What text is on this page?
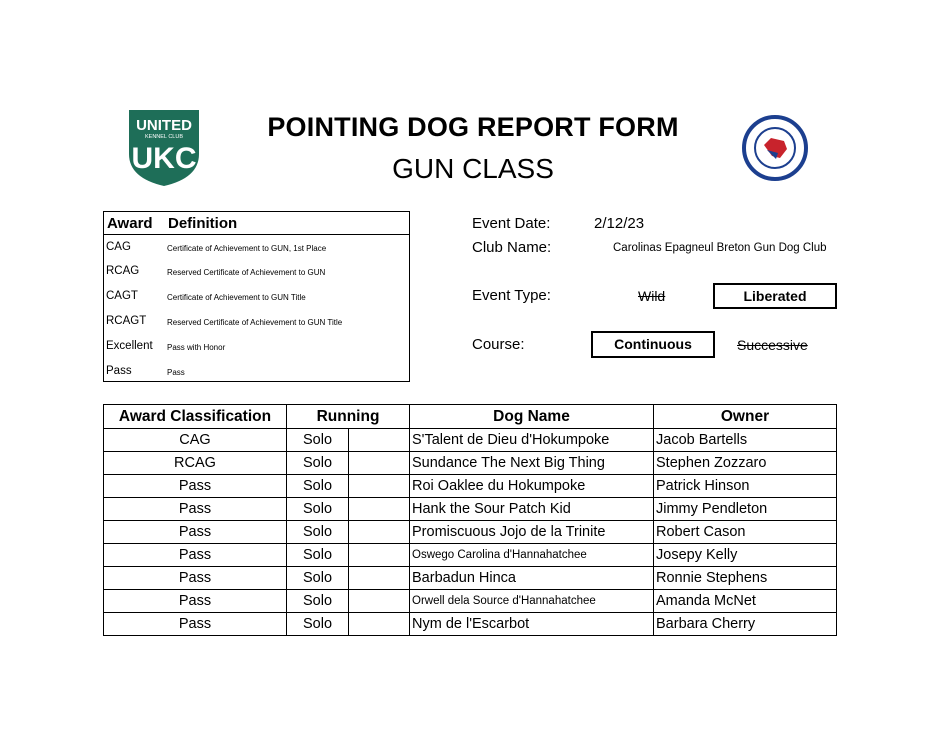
UNITED
KENNEL CLUB
UKC
POINTING DOG REPORT FORM
GUN CLASS
Award Definition
CAG	Certificate of Achievement to GUN, 1st Place
RCAG	Reserved Certificate of Achievement to GUN
CAGT	Certificate of Achievement to GUN Title
RCAGT	Reserved Certificate of Achievement to GUN Title
Excellent Pass with Honor
Pass	Pass
Event Date:	2/12/23
Club Name:	Carolinas Epagneul Breton Gun Dog Club
Event Type:	Wild	Liberated
Course:	Continuous	Successive
Award Classification	Running		Dog Name	Owner
CAG	Solo		S'Talent de Dieu d'Hokumpoke	Jacob Bartells
RCAG	Solo		Sundance The Next Big Thing	Stephen Zozzaro
Pass	Solo		Roi Oaklee du Hokumpoke	Patrick Hinson
Pass	Solo		Hank the Sour Patch Kid	Jimmy Pendleton
Pass	Solo		Promiscuous Jojo de la Trinite	Robert Cason
Pass	Solo		Oswego Carolina d'Hannahatchee	Josepy Kelly
Pass	Solo		Barbadun Hinca	Ronnie Stephens
Pass	Solo		Orwell dela Source d'Hannahatchee	Amanda McNet
Pass	Solo		Nym de l'Escarbot	Barbara Cherry
